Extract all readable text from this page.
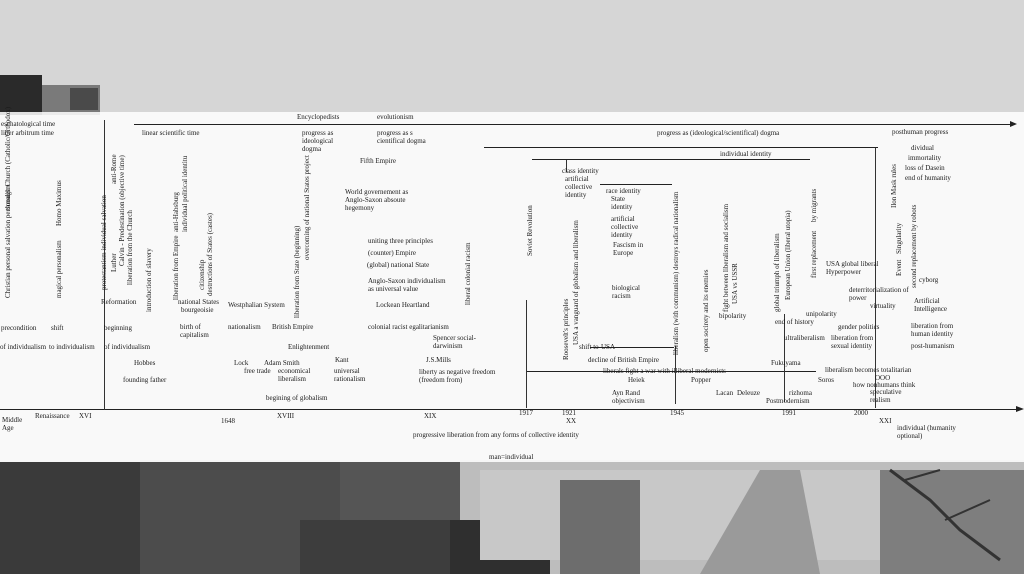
eschatological time
liber arbitrum time	linear scientific time
Encyclopedists	evolutionism
progress as ideological dogma
progress as s cientifical dogma
progress as (ideological/scientifical) dogma	posthuman progress
individual identity
Fifth Empire
World governement as Anglo-Saxon absoute hegemony
through Church (Catholic/Orthodox)
Christian personal salvation personalism	Homo Maximus
magical personalism	protestantism individual salvation Luther
anti-Rome Calvin - Predestination (objective time) liberation from the Church introduction of slavery	liberation from Empire
anti-Habsburg individual political identitu
citizenship destructions of States (castes)	liberation from State (beginning)
overcoming of national States project
liberal colonial racism
Soviet Revolution
Roosevelt's principles USA a vanguard of globalism and liberalism	liberalism (with communism) destroys radical nationalism	open socirety and its enemies fight between liberalism and socialism USA vs USSR	global triumph of liberalism European Union (liberal utopia)	first replacement
by migrants
Event
Singularity
Ilon Mask rules
second replacement by robots
Reformation	national States
bourgeoisie
Westphalian System
uniting three principles
(counter) Empire
(global) national State
Anglo-Saxon individualism as universal value
Lockean Heartland
class identity
artificial collective identity	race identity
State identity
artificial collective identity
Fascism in Europe
biological racism
bipolarity
USA global liberal Hyperpower
deterritorialization of power
virtuality
cyborg
Artificial Intelligence
dividual
immortality
loss of Dasein
end of humanity
precondition shift	beginning	birth of capitalism
nationalism British Empire	colonial racist egalitarianism
Spencer social-darwinism
of individualism to individualism of individualism	Enlightenment
Hobbes
founding father
Lock
free trade
Adam Smith
economical liberalism
Kant
universal rationalism
J.S.Mills
liberty as negative freedom (freedom from)
begining of globalism
shift to USA
decline of British Empire
liberals fight a war with illiberal modernists
Heiek
Ayn Rand objectivism
Popper
Lacan Deleuze
end of history
Fukuyama
ultraliberalism
unipolarity
rizhoma
Postmodernism
Soros
gender politics
liberation from sexual identity
liberation from human identity
post-humanism
liberalism becomes totalitarian
OOO
how nonhumans think
speculative realism
progressive liberation from any forms of collective identity
man=individual
Middle Age
Renaissance XVI
1648
XVIII	XIX	1917	1921
XX
1945	1991	2000
XXI
individual (humanity optional)
